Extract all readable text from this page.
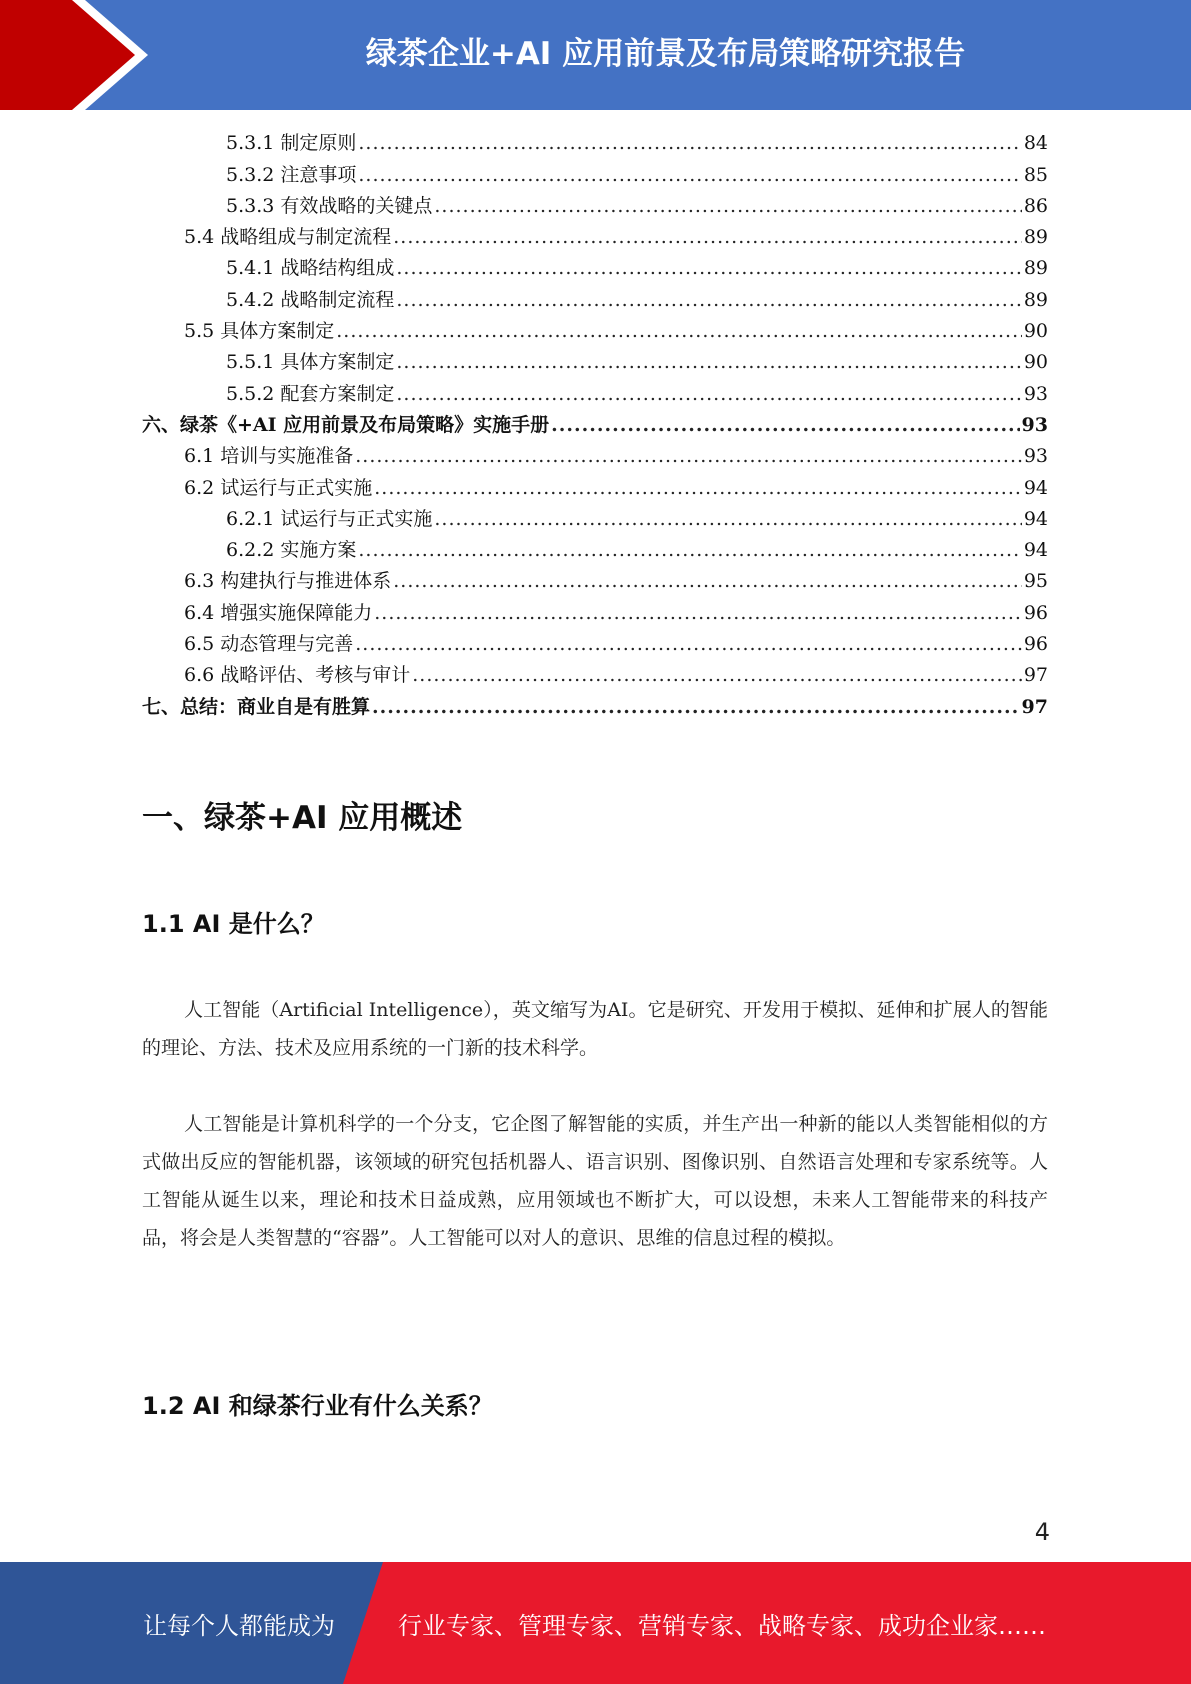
绿茶企业+AI 应用前景及布局策略研究报告
5.3.1 制定原则 .....	84
5.3.2 注意事项 .....	85
5.3.3 有效战略的关键点 .....	86
5.4 战略组成与制定流程 .....	89
5.4.1 战略结构组成 .....	89
5.4.2 战略制定流程 .....	89
5.5 具体方案制定 .....	90
5.5.1 具体方案制定 .....	90
5.5.2 配套方案制定 .....	93
六、绿茶《+AI 应用前景及布局策略》实施手册 .....	93
6.1 培训与实施准备 .....	93
6.2 试运行与正式实施 .....	94
6.2.1 试运行与正式实施 .....	94
6.2.2 实施方案 .....	94
6.3 构建执行与推进体系 .....	95
6.4 增强实施保障能力 .....	96
6.5 动态管理与完善 .....	96
6.6 战略评估、考核与审计 .....	97
七、总结：商业自是有胜算 .....	97
一、绿茶+AI 应用概述
1.1 AI 是什么？
人工智能（Artificial Intelligence），英文缩写为AI。它是研究、开发用于模拟、延伸和扩展人的智能的理论、方法、技术及应用系统的一门新的技术科学。
人工智能是计算机科学的一个分支，它企图了解智能的实质，并生产出一种新的能以人类智能相似的方式做出反应的智能机器，该领域的研究包括机器人、语言识别、图像识别、自然语言处理和专家系统等。人工智能从诞生以来，理论和技术日益成熟，应用领域也不断扩大，可以设想，未来人工智能带来的科技产品，将会是人类智慧的“容器”。人工智能可以对人的意识、思维的信息过程的模拟。
1.2 AI 和绿茶行业有什么关系？
4
让每个人都能成为	行业专家、管理专家、营销专家、战略专家、成功企业家……
